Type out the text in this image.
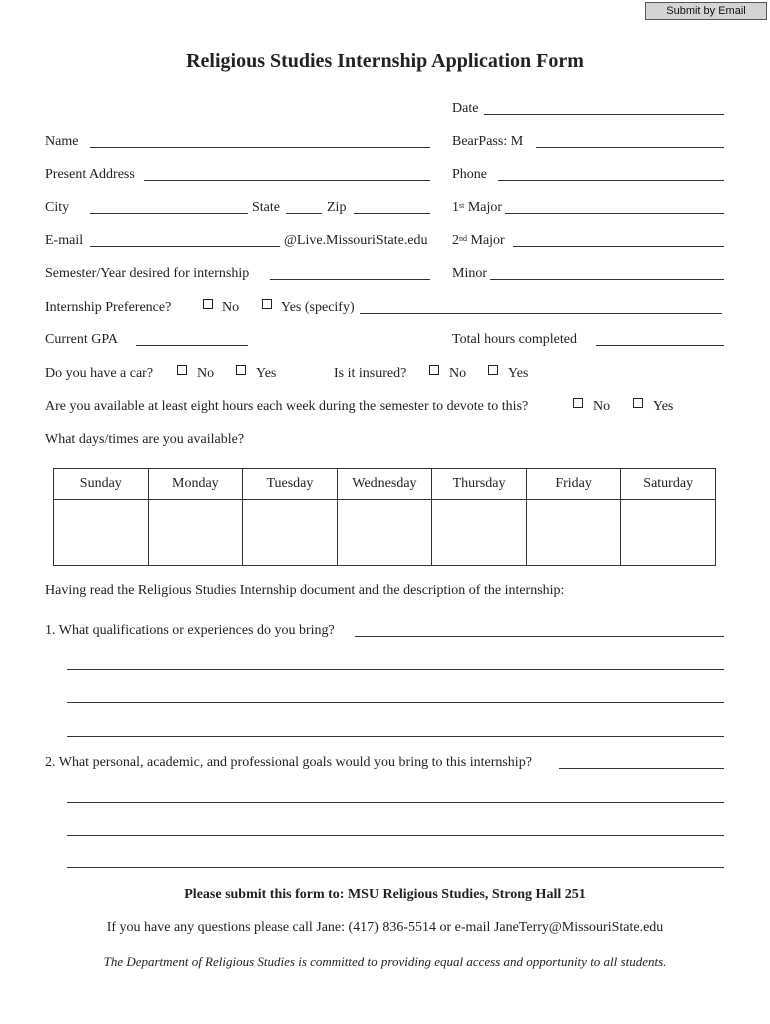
Submit by Email
Religious Studies Internship Application Form
Date
Name	BearPass: M
Present Address	Phone
City	State	Zip	1st Major
E-mail	@Live.MissouriState.edu 2nd Major
Semester/Year desired for internship	Minor
Internship Preference?	No	Yes (specify)
Current GPA	Total hours completed
Do you have a car?	No	Yes	Is it insured?	No	Yes
Are you available at least eight hours each week during the semester to devote to this?	No	Yes
What days/times are you available?
Sunday	Monday	Tuesday	Wednesday	Thursday	Friday	Saturday

Having read the Religious Studies Internship document and the description of the internship:
1. What qualifications or experiences do you bring?
2. What personal, academic, and professional goals would you bring to this internship?
Please submit this form to: MSU Religious Studies, Strong Hall 251
If you have any questions please call Jane: (417) 836-5514 or e-mail JaneTerry@MissouriState.edu
The Department of Religious Studies is committed to providing equal access and opportunity to all students.
